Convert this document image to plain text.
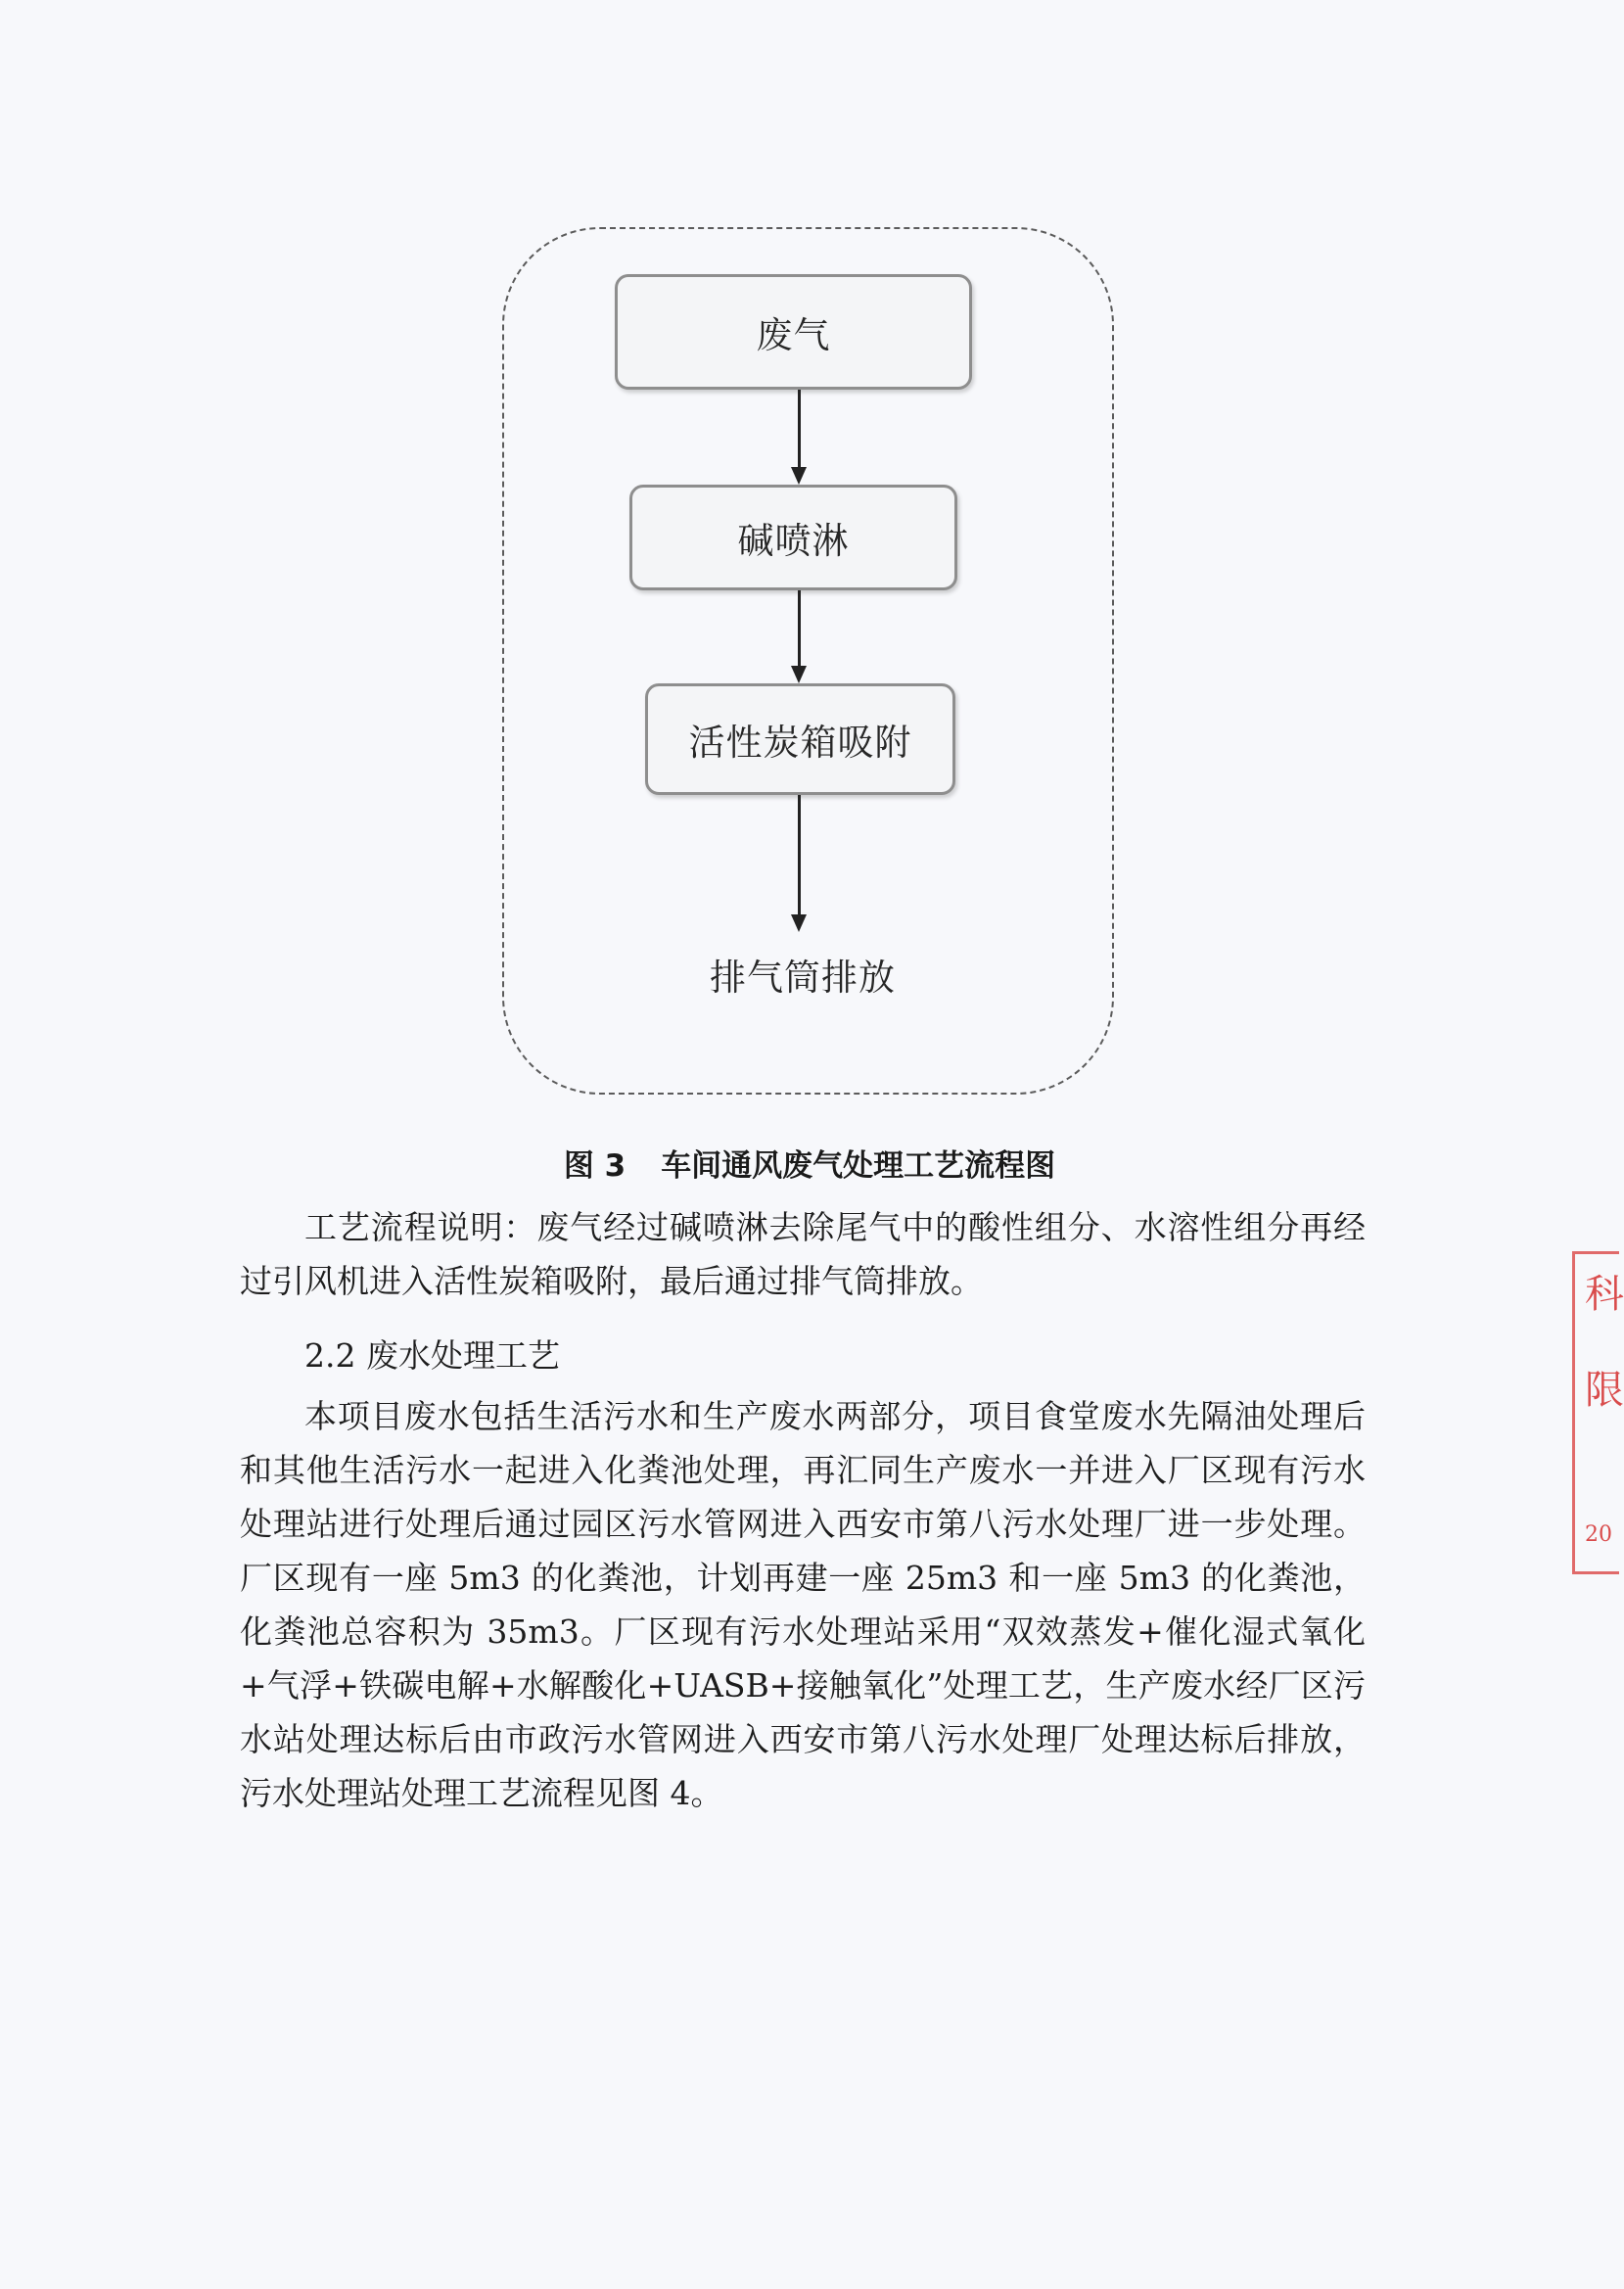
废气
碱喷淋
活性炭箱吸附
排气筒排放
图 3 车间通风废气处理工艺流程图
工艺流程说明：废气经过碱喷淋去除尾气中的酸性组分、水溶性组分再经过引风机进入活性炭箱吸附，最后通过排气筒排放。
2.2 废水处理工艺
本项目废水包括生活污水和生产废水两部分，项目食堂废水先隔油处理后和其他生活污水一起进入化粪池处理，再汇同生产废水一并进入厂区现有污水处理站进行处理后通过园区污水管网进入西安市第八污水处理厂进一步处理。厂区现有一座 5m3 的化粪池，计划再建一座 25m3 和一座 5m3 的化粪池，化粪池总容积为 35m3。厂区现有污水处理站采用“双效蒸发+催化湿式氧化+气浮+铁碳电解+水解酸化+UASB+接触氧化”处理工艺，生产废水经厂区污水站处理达标后由市政污水管网进入西安市第八污水处理厂处理达标后排放，污水处理站处理工艺流程见图 4。
科
限
20
